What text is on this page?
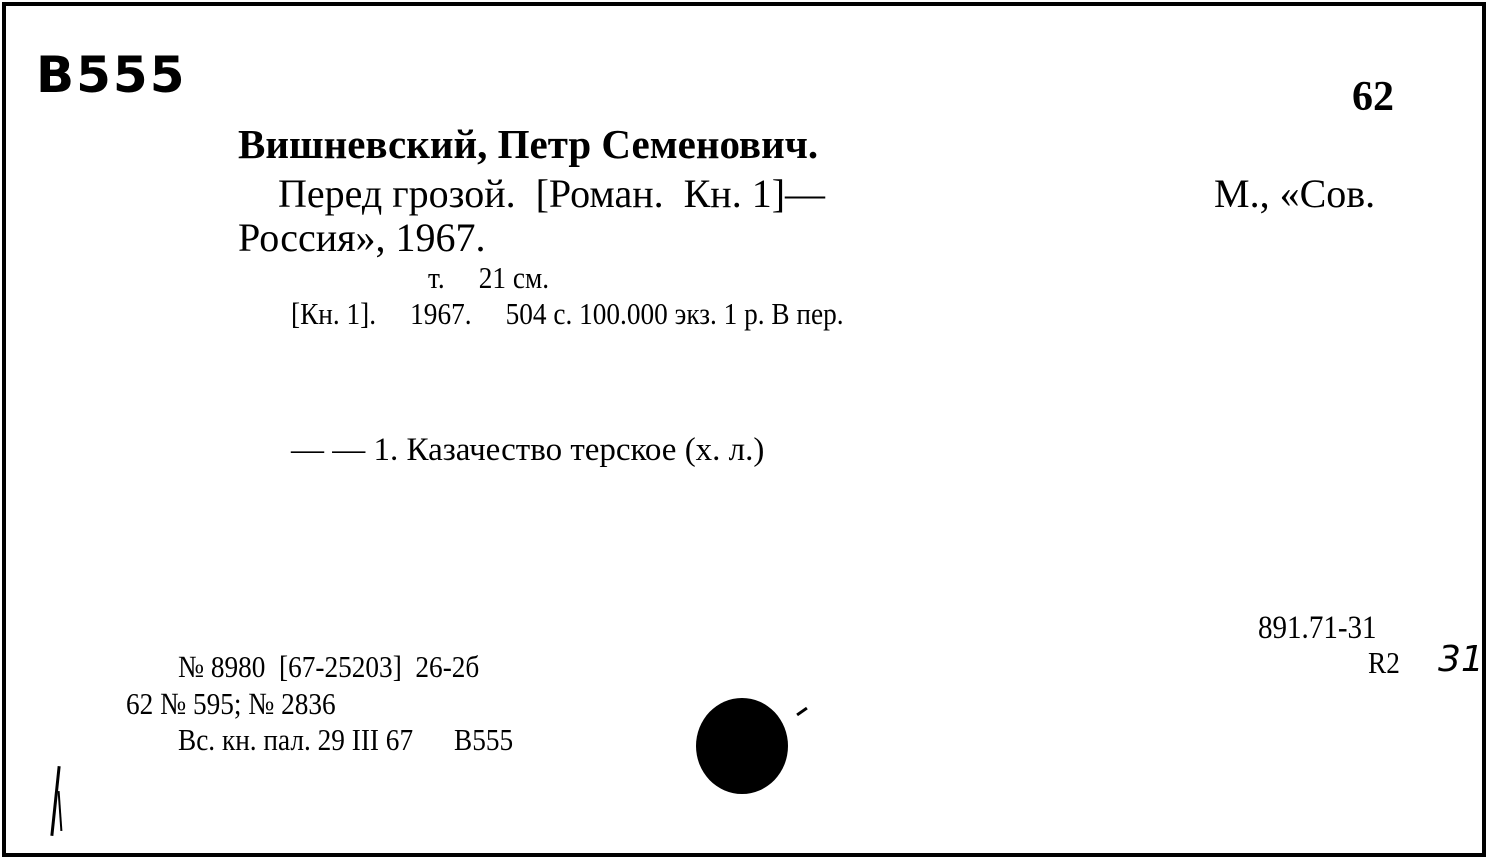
B555	62
Вишневский, Петр Семенович.
Перед грозой.  [Роман.  Кн. 1]—	М., «Сов.
Россия», 1967.
т.     21 см.
[Кн. 1].     1967.     504 с. 100.000 экз. 1 р. В пер.
— — 1. Казачество терское (х. л.)
891.71-31
R2 31
№ 8980  [67-25203]  26-2б
62 № 595; № 2836
Вс. кн. пал. 29 III 67      B555
